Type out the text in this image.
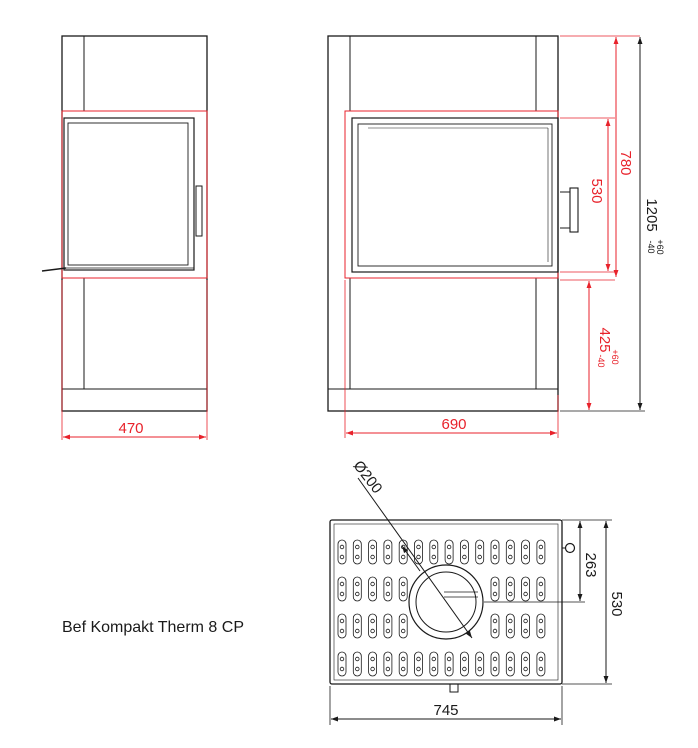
470	690
530
780
425
+60
-40
1205
+60
-40
Ø200
263
530
745
Bef Kompakt Therm 8 CP
